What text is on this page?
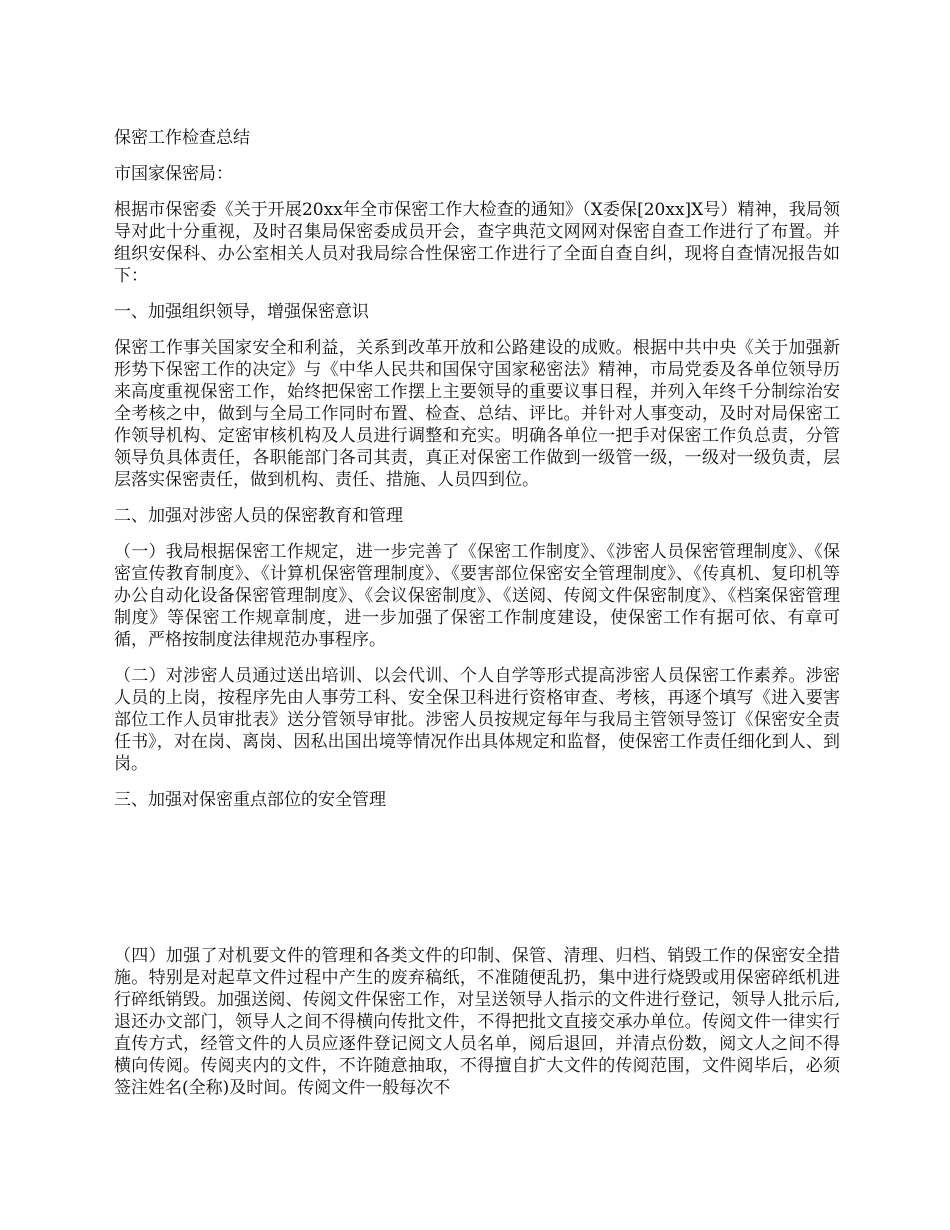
保密工作检查总结

市国家保密局：

根据市保密委《关于开展20xx年全市保密工作大检查的通知》（X委保[20xx]X号）精神，我局领导对此十分重视，及时召集局保密委成员开会，查字典范文网网对保密自查工作进行了布置。并组织安保科、办公室相关人员对我局综合性保密工作进行了全面自查自纠，现将自查情况报告如下：

一、加强组织领导，增强保密意识

保密工作事关国家安全和利益，关系到改革开放和公路建设的成败。根据中共中央《关于加强新形势下保密工作的决定》与《中华人民共和国保守国家秘密法》精神，市局党委及各单位领导历来高度重视保密工作，始终把保密工作摆上主要领导的重要议事日程，并列入年终千分制综治安全考核之中，做到与全局工作同时布置、检查、总结、评比。并针对人事变动，及时对局保密工作领导机构、定密审核机构及人员进行调整和充实。明确各单位一把手对保密工作负总责，分管领导负具体责任，各职能部门各司其责，真正对保密工作做到一级管一级，一级对一级负责，层层落实保密责任，做到机构、责任、措施、人员四到位。

二、加强对涉密人员的保密教育和管理

（一）我局根据保密工作规定，进一步完善了《保密工作制度》、《涉密人员保密管理制度》、《保密宣传教育制度》、《计算机保密管理制度》、《要害部位保密安全管理制度》、《传真机、复印机等办公自动化设备保密管理制度》、《会议保密制度》、《送阅、传阅文件保密制度》、《档案保密管理制度》等保密工作规章制度，进一步加强了保密工作制度建设，使保密工作有据可依、有章可循，严格按制度法律规范办事程序。

（二）对涉密人员通过送出培训、以会代训、个人自学等形式提高涉密人员保密工作素养。涉密人员的上岗，按程序先由人事劳工科、安全保卫科进行资格审查、考核，再逐个填写《进入要害部位工作人员审批表》送分管领导审批。涉密人员按规定每年与我局主管领导签订《保密安全责任书》，对在岗、离岗、因私出国出境等情况作出具体规定和监督，使保密工作责任细化到人、到岗。

三、加强对保密重点部位的安全管理

（四）加强了对机要文件的管理和各类文件的印制、保管、清理、归档、销毁工作的保密安全措施。特别是对起草文件过程中产生的废弃稿纸，不准随便乱扔，集中进行烧毁或用保密碎纸机进行碎纸销毁。加强送阅、传阅文件保密工作，对呈送领导人指示的文件进行登记，领导人批示后,退还办文部门，领导人之间不得横向传批文件，不得把批文直接交承办单位。传阅文件一律实行直传方式，经管文件的人员应逐件登记阅文人员名单，阅后退回，并清点份数，阅文人之间不得横向传阅。传阅夹内的文件，不许随意抽取，不得擅自扩大文件的传阅范围，文件阅毕后，必须签注姓名(全称)及时间。传阅文件一般每次不
